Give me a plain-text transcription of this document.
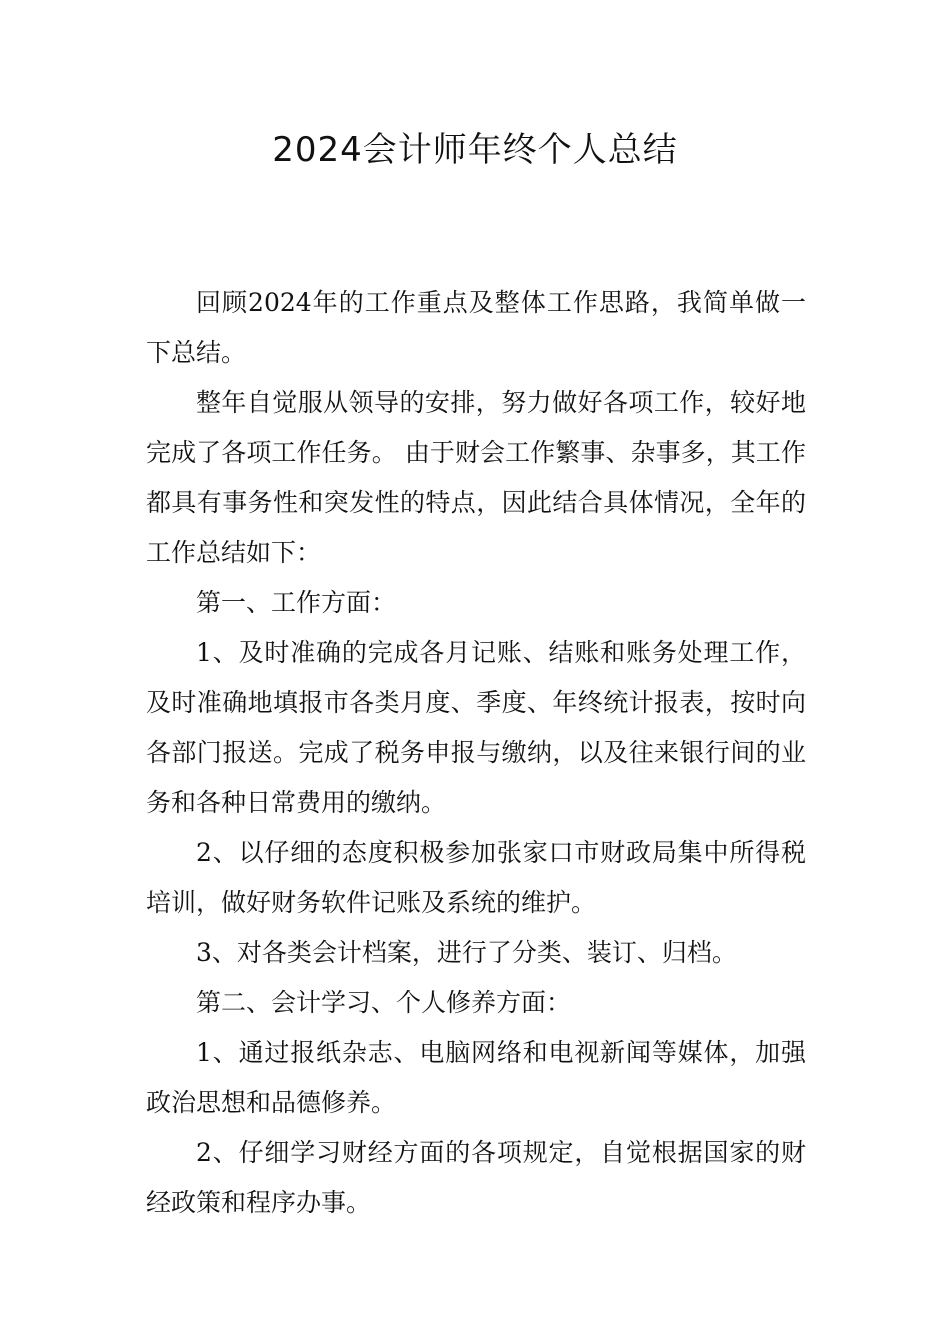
2024会计师年终个人总结

回顾2024年的工作重点及整体工作思路，我简单做一下总结。

整年自觉服从领导的安排，努力做好各项工作，较好地完成了各项工作任务。 由于财会工作繁事、杂事多，其工作都具有事务性和突发性的特点，因此结合具体情况，全年的工作总结如下：

第一、工作方面：

1、及时准确的完成各月记账、结账和账务处理工作，及时准确地填报市各类月度、季度、年终统计报表，按时向各部门报送。完成了税务申报与缴纳，以及往来银行间的业务和各种日常费用的缴纳。

2、以仔细的态度积极参加张家口市财政局集中所得税培训，做好财务软件记账及系统的维护。

3、对各类会计档案，进行了分类、装订、归档。

第二、会计学习、个人修养方面：

1、通过报纸杂志、电脑网络和电视新闻等媒体，加强政治思想和品德修养。

2、仔细学习财经方面的各项规定，自觉根据国家的财经政策和程序办事。
